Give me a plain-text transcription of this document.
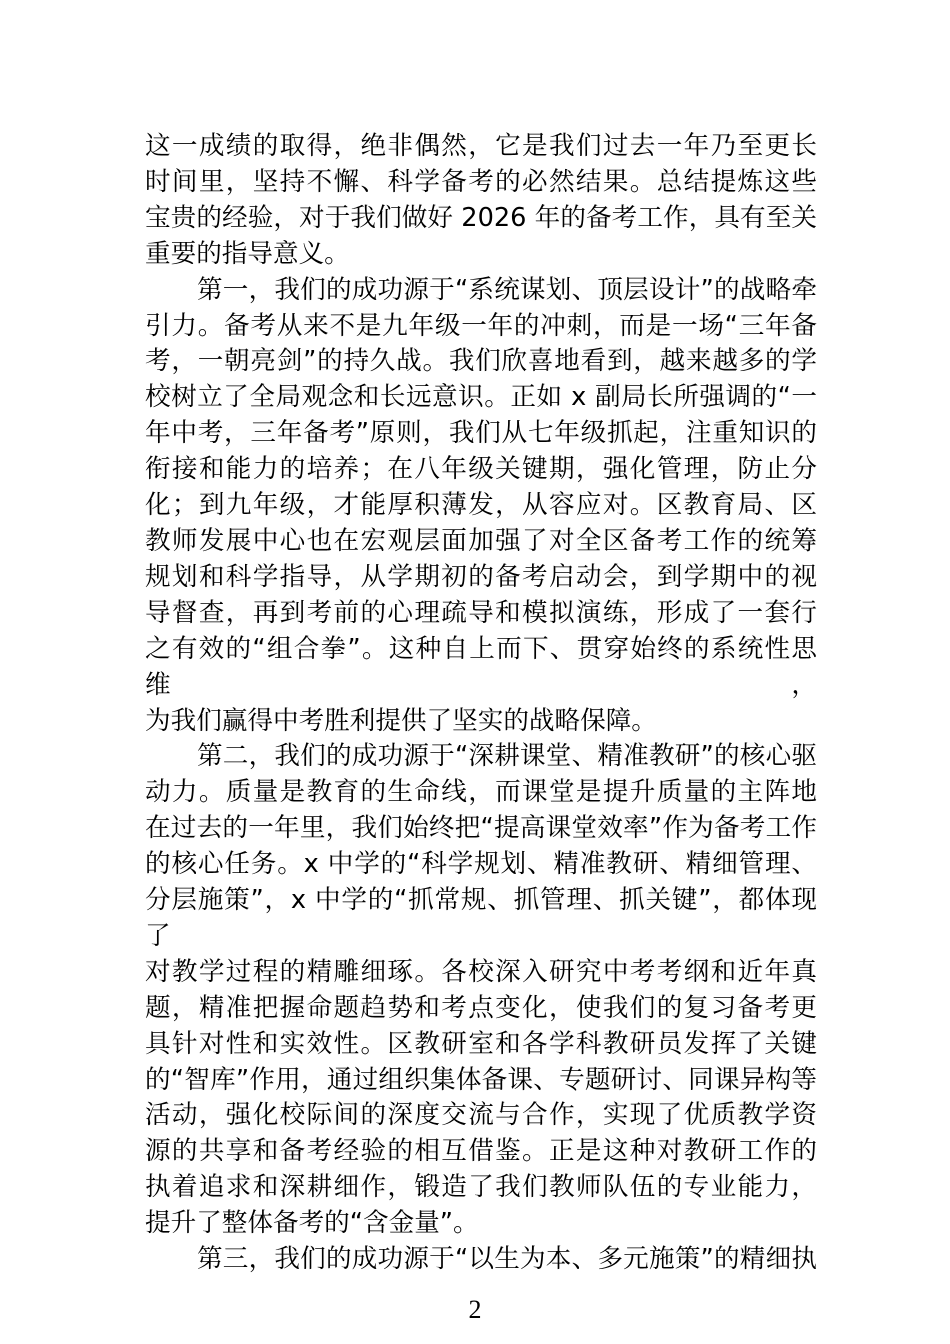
这一成绩的取得，绝非偶然，它是我们过去一年乃至更长
时间里，坚持不懈、科学备考的必然结果。总结提炼这些
宝贵的经验，对于我们做好 2026 年的备考工作，具有至关
重要的指导意义。
第一，我们的成功源于“系统谋划、顶层设计”的战略牵
引力。备考从来不是九年级一年的冲刺，而是一场“三年备
考，一朝亮剑”的持久战。我们欣喜地看到，越来越多的学
校树立了全局观念和长远意识。正如 x 副局长所强调的“一
年中考，三年备考”原则，我们从七年级抓起，注重知识的
衔接和能力的培养；在八年级关键期，强化管理，防止分
化；到九年级，才能厚积薄发，从容应对。区教育局、区
教师发展中心也在宏观层面加强了对全区备考工作的统筹
规划和科学指导，从学期初的备考启动会，到学期中的视
导督查，再到考前的心理疏导和模拟演练，形成了一套行
之有效的“组合拳”。这种自上而下、贯穿始终的系统性思维，
为我们赢得中考胜利提供了坚实的战略保障。
第二，我们的成功源于“深耕课堂、精准教研”的核心驱
动力。质量是教育的生命线，而课堂是提升质量的主阵地
在过去的一年里，我们始终把“提高课堂效率”作为备考工作
的核心任务。x 中学的“科学规划、精准教研、精细管理、
分层施策”，x 中学的“抓常规、抓管理、抓关键”，都体现了
对教学过程的精雕细琢。各校深入研究中考考纲和近年真
题，精准把握命题趋势和考点变化，使我们的复习备考更
具针对性和实效性。区教研室和各学科教研员发挥了关键
的“智库”作用，通过组织集体备课、专题研讨、同课异构等
活动，强化校际间的深度交流与合作，实现了优质教学资
源的共享和备考经验的相互借鉴。正是这种对教研工作的
执着追求和深耕细作，锻造了我们教师队伍的专业能力，
提升了整体备考的“含金量”。
第三，我们的成功源于“以生为本、多元施策”的精细执
2
